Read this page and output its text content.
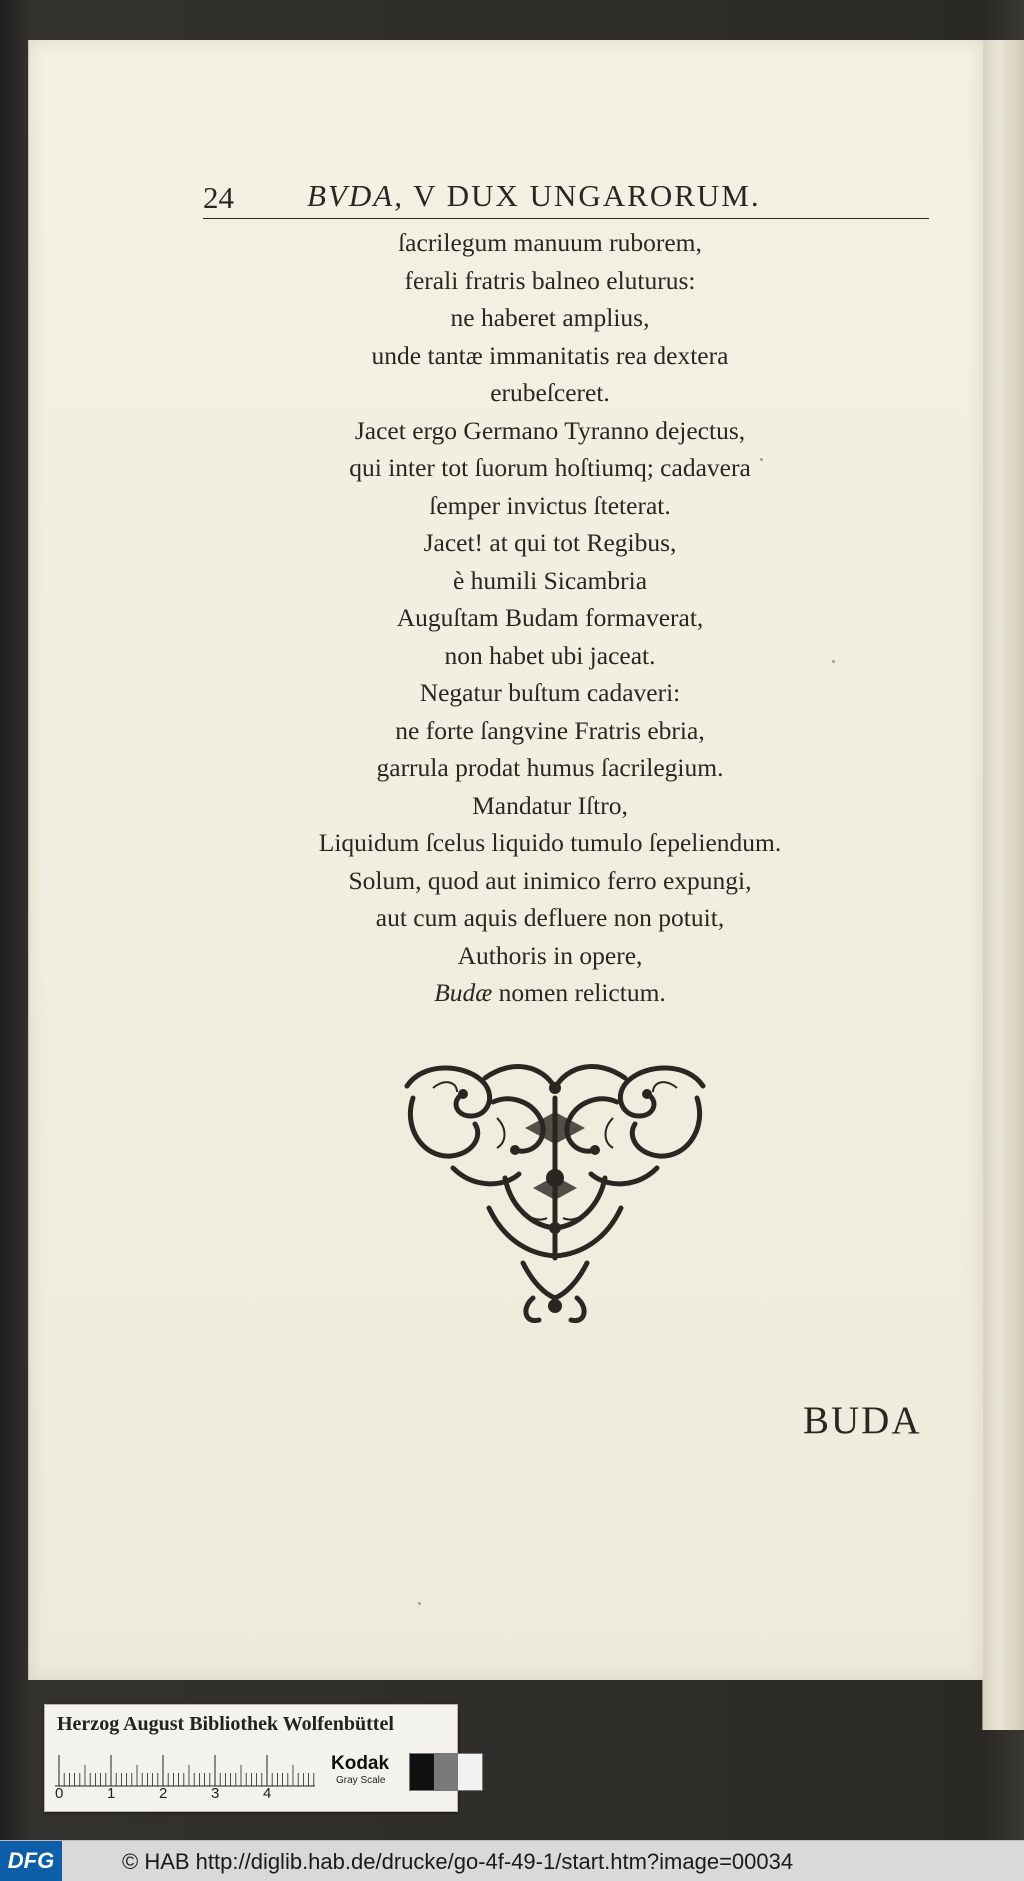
24 BVDA, V DUX UNGARORUM.
ſacrilegum manuum ruborem,
ferali fratris balneo eluturus:
ne haberet amplius,
unde tantæ immanitatis rea dextera
erubeſceret.
Jacet ergo Germano Tyranno dejectus,
qui inter tot ſuorum hoſtiumq; cadavera
ſemper invictus ſteterat.
Jacet! at qui tot Regibus,
è humili Sicambria
Auguſtam Budam formaverat,
non habet ubi jaceat.
Negatur buſtum cadaveri:
ne forte ſangvine Fratris ebria,
garrula prodat humus ſacrilegium.
Mandatur Iſtro,
Liquidum ſcelus liquido tumulo ſepeliendum.
Solum, quod aut inimico ferro expungi,
aut cum aquis defluere non potuit,
Authoris in opere,
Budæ nomen relictum.
BUDA
Herzog August Bibliothek Wolfenbüttel
0	1	2	3	4
Kodak
Gray Scale
DFG	© HAB http://diglib.hab.de/drucke/go-4f-49-1/start.htm?image=00034
